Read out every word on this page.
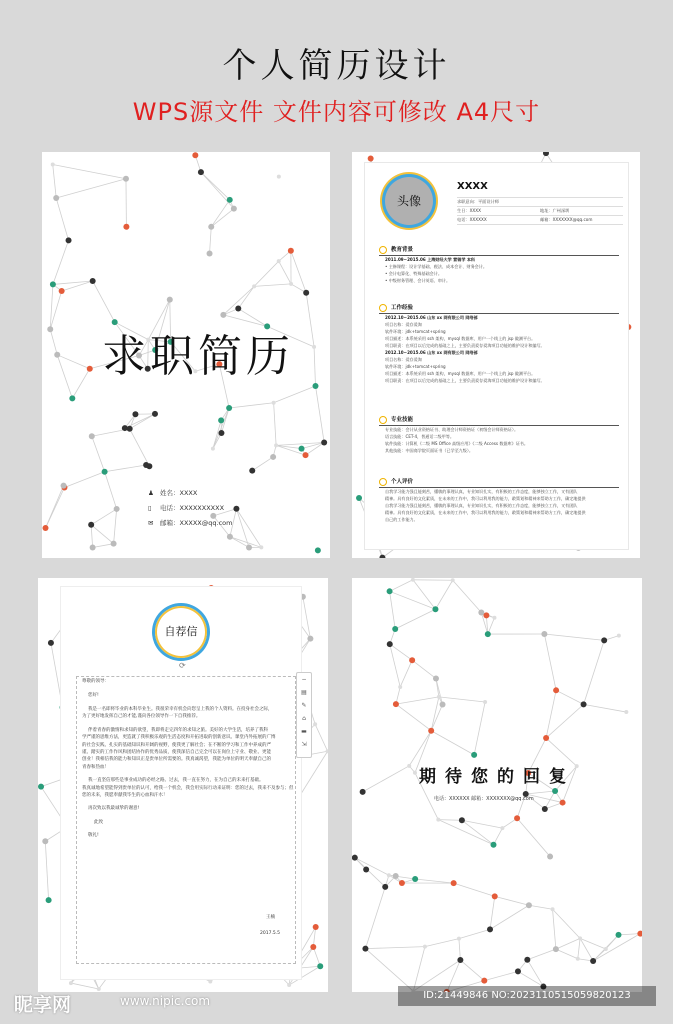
个人简历设计
WPS源文件 文件内容可修改 A4尺寸
求职简历
♟ 姓名：XXXX
▯ 电话：XXXXXXXXXX
✉ 邮箱：XXXXX@qq.com
头像
XXXX
求职意向：平面设计师
生日：XXXX	地址：广州深圳
电话：XXXXXX	邮箱：XXXXXXX@qq.com
教育背景
2011.09~2015.06 上海财经大学 营销学 本科
• 主修课程：设计学基础、税法、成本会计、财务会计。
• 会计电算化、特殊基础会计。
• 中级财务管理、会计英语、审计。
工作经验
2012.10~2015.06 山东 xx 网有限公司 网络部
项目名称：爱存爱淘
软件环境：jdk+tomcat+spring
项目描述：本系统采用 ssh 架构，mysql 数据库，用户一个线上的 jsp 做测平台。
项目职责：在项目以后完成的基础之上，主要负责爱存爱淘项目功能的维护设计和编写。
2012.10~2015.06 山东 xx 网有限公司 网络部
项目名称：爱存爱淘
软件环境：jdk+tomcat+spring
项目描述：本系统采用 ssh 架构，mysql 数据库，用户一个线上的 jsp 做测平台。
项目职责：在项目以后完成的基础之上，主要负责爱存爱淘项目功能的维护设计和编写。
专业技能
专业技能：会计从业资格证书、助理会计师资格证（初级会计师资格证）。
语言技能：CET-4，普通话二级甲等。
软件技能：计算机《二级 MS Office 高级应用》《二级 Access 数据库》证书。
其他技能：中国商学院页面证书（已学至九级）。
个人评价
自我学习能力强且能刻苦，懂敏的事理认真，专业知识扎实，有积极的工作态度，能够独立工作，又有团队
精神。具有良好的文化素质，在未来的工作中，我可以利用我的能力，敢策划和精神来帮助方工作，确定地提供
自我学习能力强且能刻苦，懂敏的事理认真，专业知识扎实，有积极的工作态度，能够独立工作，又有团队
精神。具有良好的文化素质，在未来的工作中，我可以利用我的能力，敢策划和精神来帮助方工作，确定地提供
自己的工作能力。
自荐信
⟳
−
▤
✎
⌂
▬
⇲
尊敬的领导：
您好!
我是一名即将毕业的本科毕业生。我很荣幸有机会向您呈上我的个人资料。在投身社会之际，
为了更好地发挥自己的才能,谨向各位领导作一下自我推荐。
伴着青春的激情和求知的欲望，我即将走完四年的求知之旅。美好的大学生活，培养了我科
学严谨的思维方法，更造就了我积极乐观的生活态度和开拓进取的创新意识。课堂内外拓展的广博
的社会实践、扎实的基础知识和开阔的视野，使我更了解社会；在不断的学习和工作中养成的严
谨、踏实的工作作风和团结协作的优秀品质，使我深信自己完全可以在岗位上守业、敬业、更能
创业！我相信我的能力和知识正是贵单位所需要的。我真诚渴望，我能为单位的明天奉献自己的
青春和热血！
我一直坚信那些是事业成功的必经之路。过去，我一直在努力，在为自己的未来打基础。
我真诚地希望能得到贵单位的认可，给我一个机会，我会用实际行动来证明：您的过去，我来不及参与；但您的未来，我愿奉献我毕生的心血和汗水！
再次致以我最诚挚的谢意!
此致
敬礼!
王楠
2017.5.5
期待您的回复
电话：XXXXXX 邮箱：XXXXXXX@qq.com
昵享网	www.nipic.com	ID:21449846 NO:20231105150598201​23
